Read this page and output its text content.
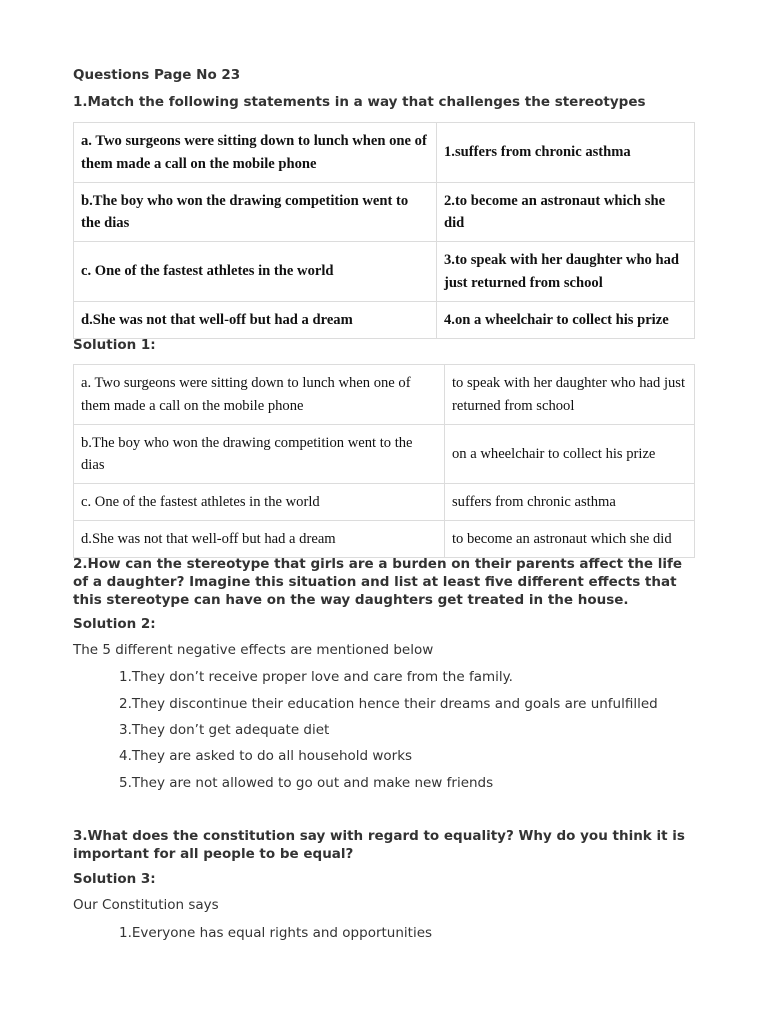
Questions Page No 23
1.Match the following statements in a way that challenges the stereotypes
a. Two surgeons were sitting down to lunch when one of them made a call on the mobile phone	1.suffers from chronic asthma
b.The boy who won the drawing competition went to the dias	2.to become an astronaut which she did
c. One of the fastest athletes in the world	3.to speak with her daughter who had just returned from school
d.She was not that well-off but had a dream	4.on a wheelchair to collect his prize
Solution 1:
a. Two surgeons were sitting down to lunch when one of them made a call on the mobile phone	to speak with her daughter who had just returned from school
b.The boy who won the drawing competition went to the dias	on a wheelchair to collect his prize
c. One of the fastest athletes in the world	suffers from chronic asthma
d.She was not that well-off but had a dream	to become an astronaut which she did
2.How can the stereotype that girls are a burden on their parents affect the life of a daughter? Imagine this situation and list at least five different effects that this stereotype can have on the way daughters get treated in the house.
Solution 2:
The 5 different negative effects are mentioned below
1.They don’t receive proper love and care from the family.
2.They discontinue their education hence their dreams and goals are unfulfilled
3.They don’t get adequate diet
4.They are asked to do all household works
5.They are not allowed to go out and make new friends
3.What does the constitution say with regard to equality? Why do you think it is important for all people to be equal?
Solution 3:
Our Constitution says
1.Everyone has equal rights and opportunities
